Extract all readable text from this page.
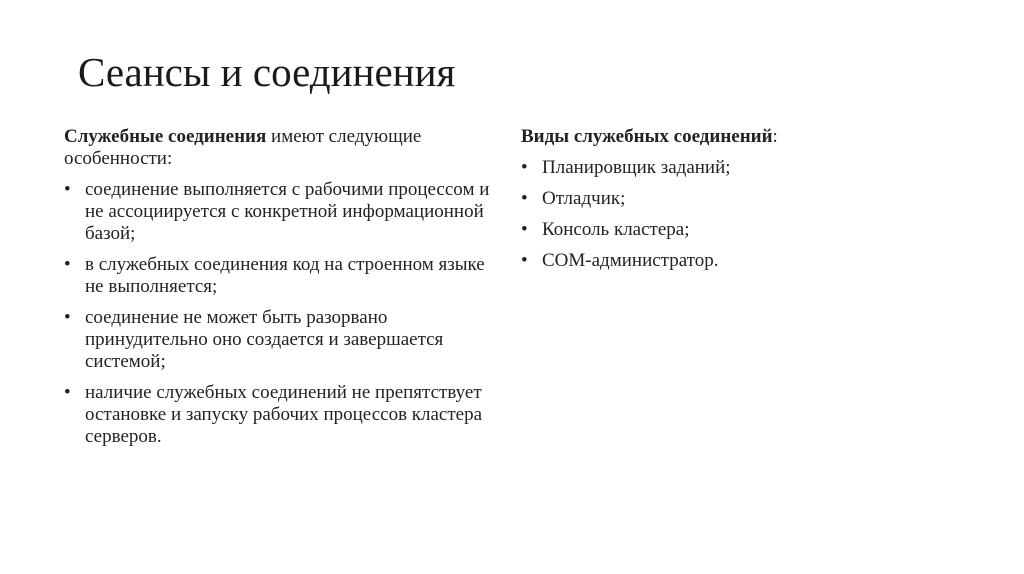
Сеансы и соединения

Служебные соединения имеют следующие особенности:

• соединение выполняется с рабочими процессом и не ассоциируется с конкретной информационной базой;
• в служебных соединения код на строенном языке не выполняется;
• соединение не может быть разорвано принудительно оно создается и завершается системой;
• наличие служебных соединений не препятствует остановке и запуску рабочих процессов кластера серверов.

Виды служебных соединений:

• Планировщик заданий;
• Отладчик;
• Консоль кластера;
• COM-администратор.
